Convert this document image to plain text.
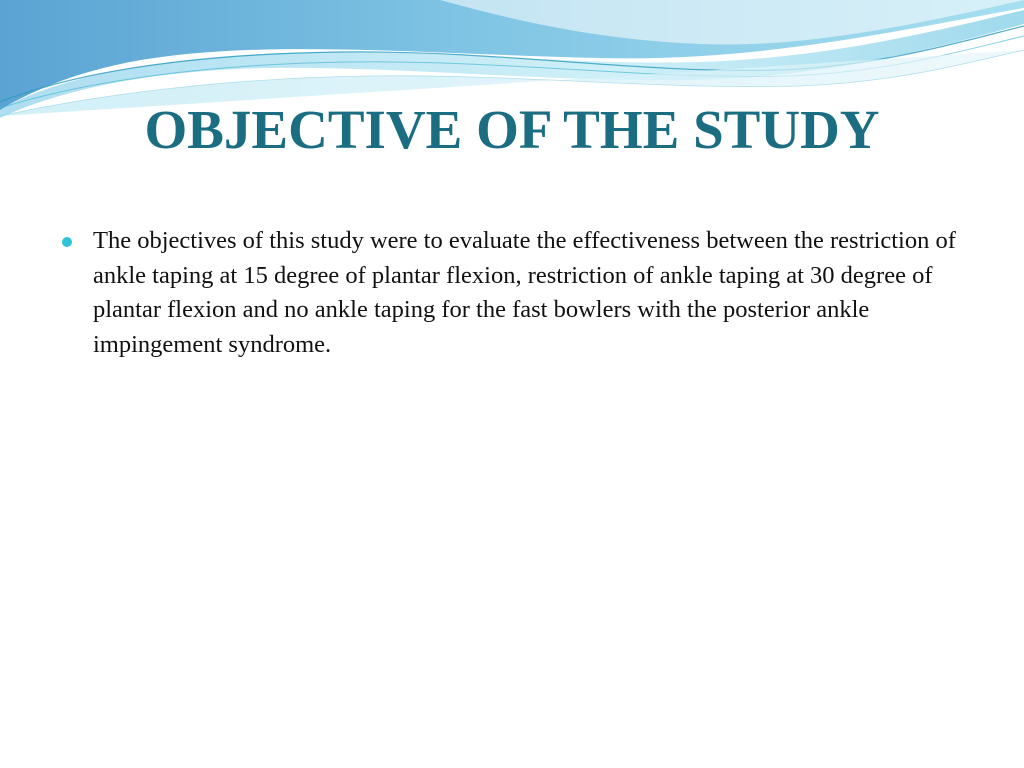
OBJECTIVE OF THE STUDY
The objectives of this study were to evaluate the effectiveness between the restriction of ankle taping at 15 degree of plantar flexion, restriction of ankle taping at 30 degree of plantar flexion and no ankle taping for the fast bowlers with the posterior ankle impingement syndrome.
